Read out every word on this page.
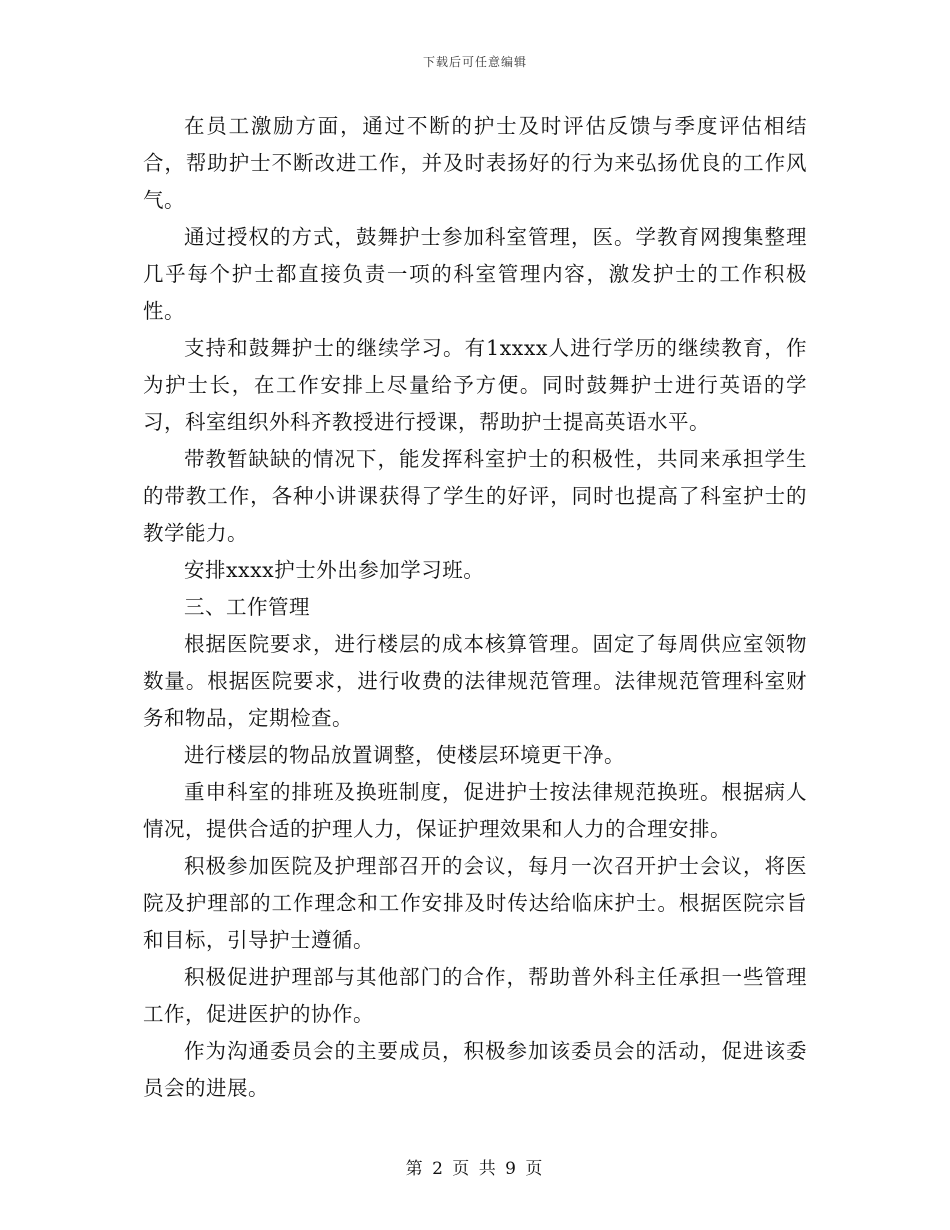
下载后可任意编辑

在员工激励方面，通过不断的护士及时评估反馈与季度评估相结合，帮助护士不断改进工作，并及时表扬好的行为来弘扬优良的工作风气。

通过授权的方式，鼓舞护士参加科室管理，医。学教育网搜集整理几乎每个护士都直接负责一项的科室管理内容，激发护士的工作积极性。

支持和鼓舞护士的继续学习。有1xxxx人进行学历的继续教育，作为护士长，在工作安排上尽量给予方便。同时鼓舞护士进行英语的学习，科室组织外科齐教授进行授课，帮助护士提高英语水平。

带教暂缺缺的情况下，能发挥科室护士的积极性，共同来承担学生的带教工作，各种小讲课获得了学生的好评，同时也提高了科室护士的教学能力。

安排xxxx护士外出参加学习班。

三、工作管理

根据医院要求，进行楼层的成本核算管理。固定了每周供应室领物数量。根据医院要求，进行收费的法律规范管理。法律规范管理科室财务和物品，定期检查。

进行楼层的物品放置调整，使楼层环境更干净。

重申科室的排班及换班制度，促进护士按法律规范换班。根据病人情况，提供合适的护理人力，保证护理效果和人力的合理安排。

积极参加医院及护理部召开的会议，每月一次召开护士会议，将医院及护理部的工作理念和工作安排及时传达给临床护士。根据医院宗旨和目标，引导护士遵循。

积极促进护理部与其他部门的合作，帮助普外科主任承担一些管理工作，促进医护的协作。

作为沟通委员会的主要成员，积极参加该委员会的活动，促进该委员会的进展。

第 2 页 共 9 页
